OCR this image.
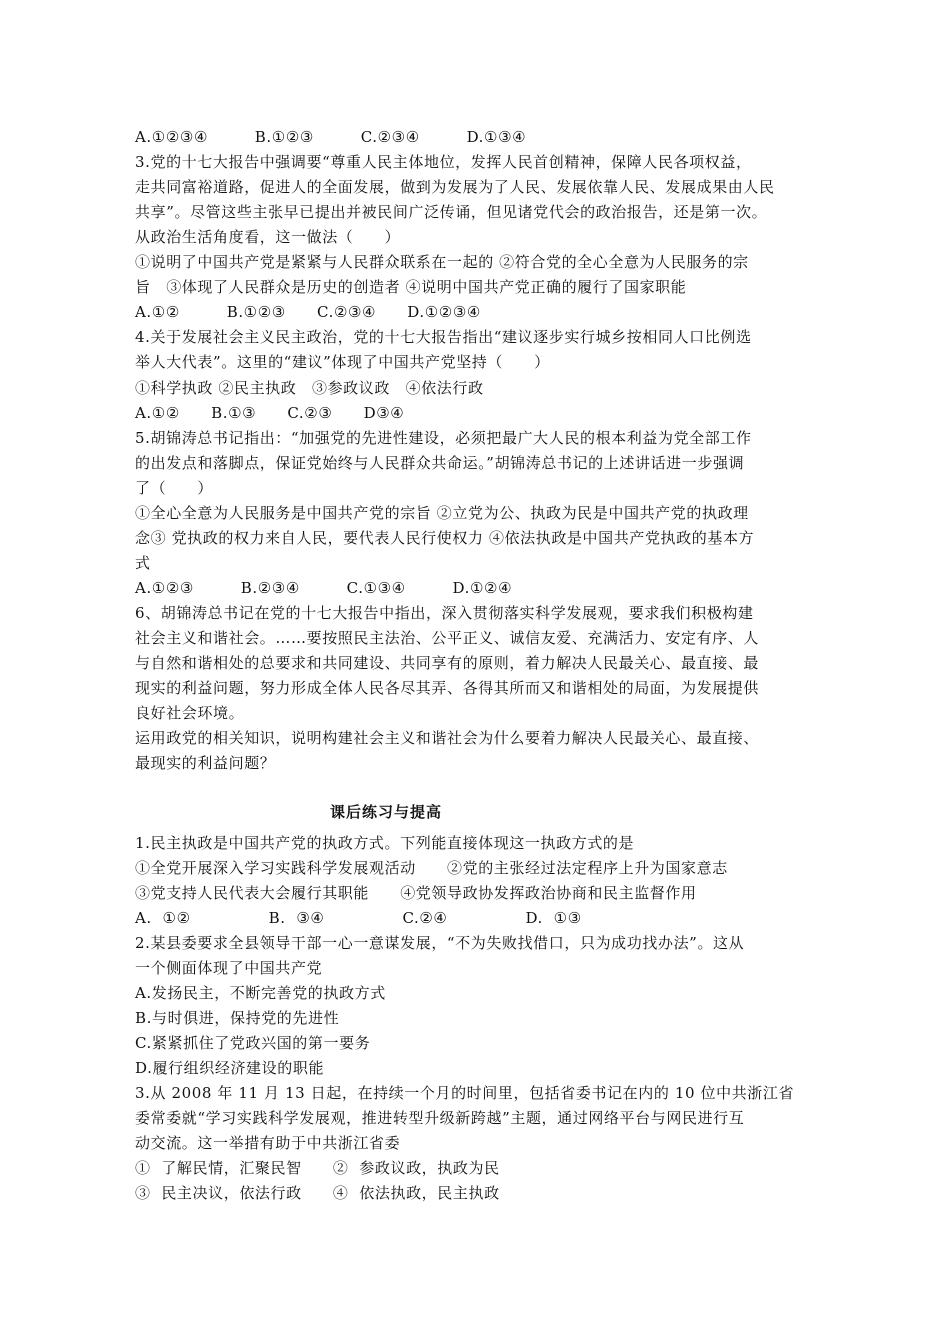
A.①②③④　　　B.①②③　　　C.②③④　　　D.①③④
3.党的十七大报告中强调要“尊重人民主体地位，发挥人民首创精神，保障人民各项权益，
走共同富裕道路，促进人的全面发展，做到为发展为了人民、发展依靠人民、发展成果由人民
共享”。尽管这些主张早已提出并被民间广泛传诵，但见诸党代会的政治报告，还是第一次。
从政治生活角度看，这一做法（　　）
①说明了中国共产党是紧紧与人民群众联系在一起的 ②符合党的全心全意为人民服务的宗
旨　③体现了人民群众是历史的创造者 ④说明中国共产党正确的履行了国家职能
A.①②　　　B.①②③　　C.②③④　　D.①②③④
4.关于发展社会主义民主政治，党的十七大报告指出“建议逐步实行城乡按相同人口比例选
举人大代表”。这里的“建议”体现了中国共产党坚持（　　）
①科学执政 ②民主执政　③参政议政　④依法行政
A.①②　　B.①③　　C.②③　　D③④
5.胡锦涛总书记指出：“加强党的先进性建设，必须把最广大人民的根本利益为党全部工作
的出发点和落脚点，保证党始终与人民群众共命运。”胡锦涛总书记的上述讲话进一步强调
了（　　）
①全心全意为人民服务是中国共产党的宗旨 ②立党为公、执政为民是中国共产党的执政理
念③ 党执政的权力来自人民，要代表人民行使权力 ④依法执政是中国共产党执政的基本方
式
A.①②③　　　B.②③④　　　C.①③④　　　D.①②④
6、胡锦涛总书记在党的十七大报告中指出，深入贯彻落实科学发展观，要求我们积极构建
社会主义和谐社会。……要按照民主法治、公平正义、诚信友爱、充满活力、安定有序、人
与自然和谐相处的总要求和共同建设、共同享有的原则，着力解决人民最关心、最直接、最
现实的利益问题，努力形成全体人民各尽其弄、各得其所而又和谐相处的局面，为发展提供
良好社会环境。
运用政党的相关知识，说明构建社会主义和谐社会为什么要着力解决人民最关心、最直接、
最现实的利益问题？
课后练习与提高
1.民主执政是中国共产党的执政方式。下列能直接体现这一执政方式的是
①全党开展深入学习实践科学发展观活动　　②党的主张经过法定程序上升为国家意志
③党支持人民代表大会履行其职能　　④党领导政协发挥政治协商和民主监督作用
A.  ①②　　　　　B.  ③④　　　　　C.②④　　　　　D.  ①③
2.某县委要求全县领导干部一心一意谋发展，“不为失败找借口，只为成功找办法”。这从
一个侧面体现了中国共产党
A.发扬民主，不断完善党的执政方式
B.与时俱进，保持党的先进性
C.紧紧抓住了党政兴国的第一要务
D.履行组织经济建设的职能
3.从 2008 年 11 月 13 日起，在持续一个月的时间里，包括省委书记在内的 10 位中共浙江省
委常委就“学习实践科学发展观，推进转型升级新跨越”主题，通过网络平台与网民进行互
动交流。这一举措有助于中共浙江省委
①  了解民情，汇聚民智　　②  参政议政，执政为民
③  民主决议，依法行政　　④  依法执政，民主执政
